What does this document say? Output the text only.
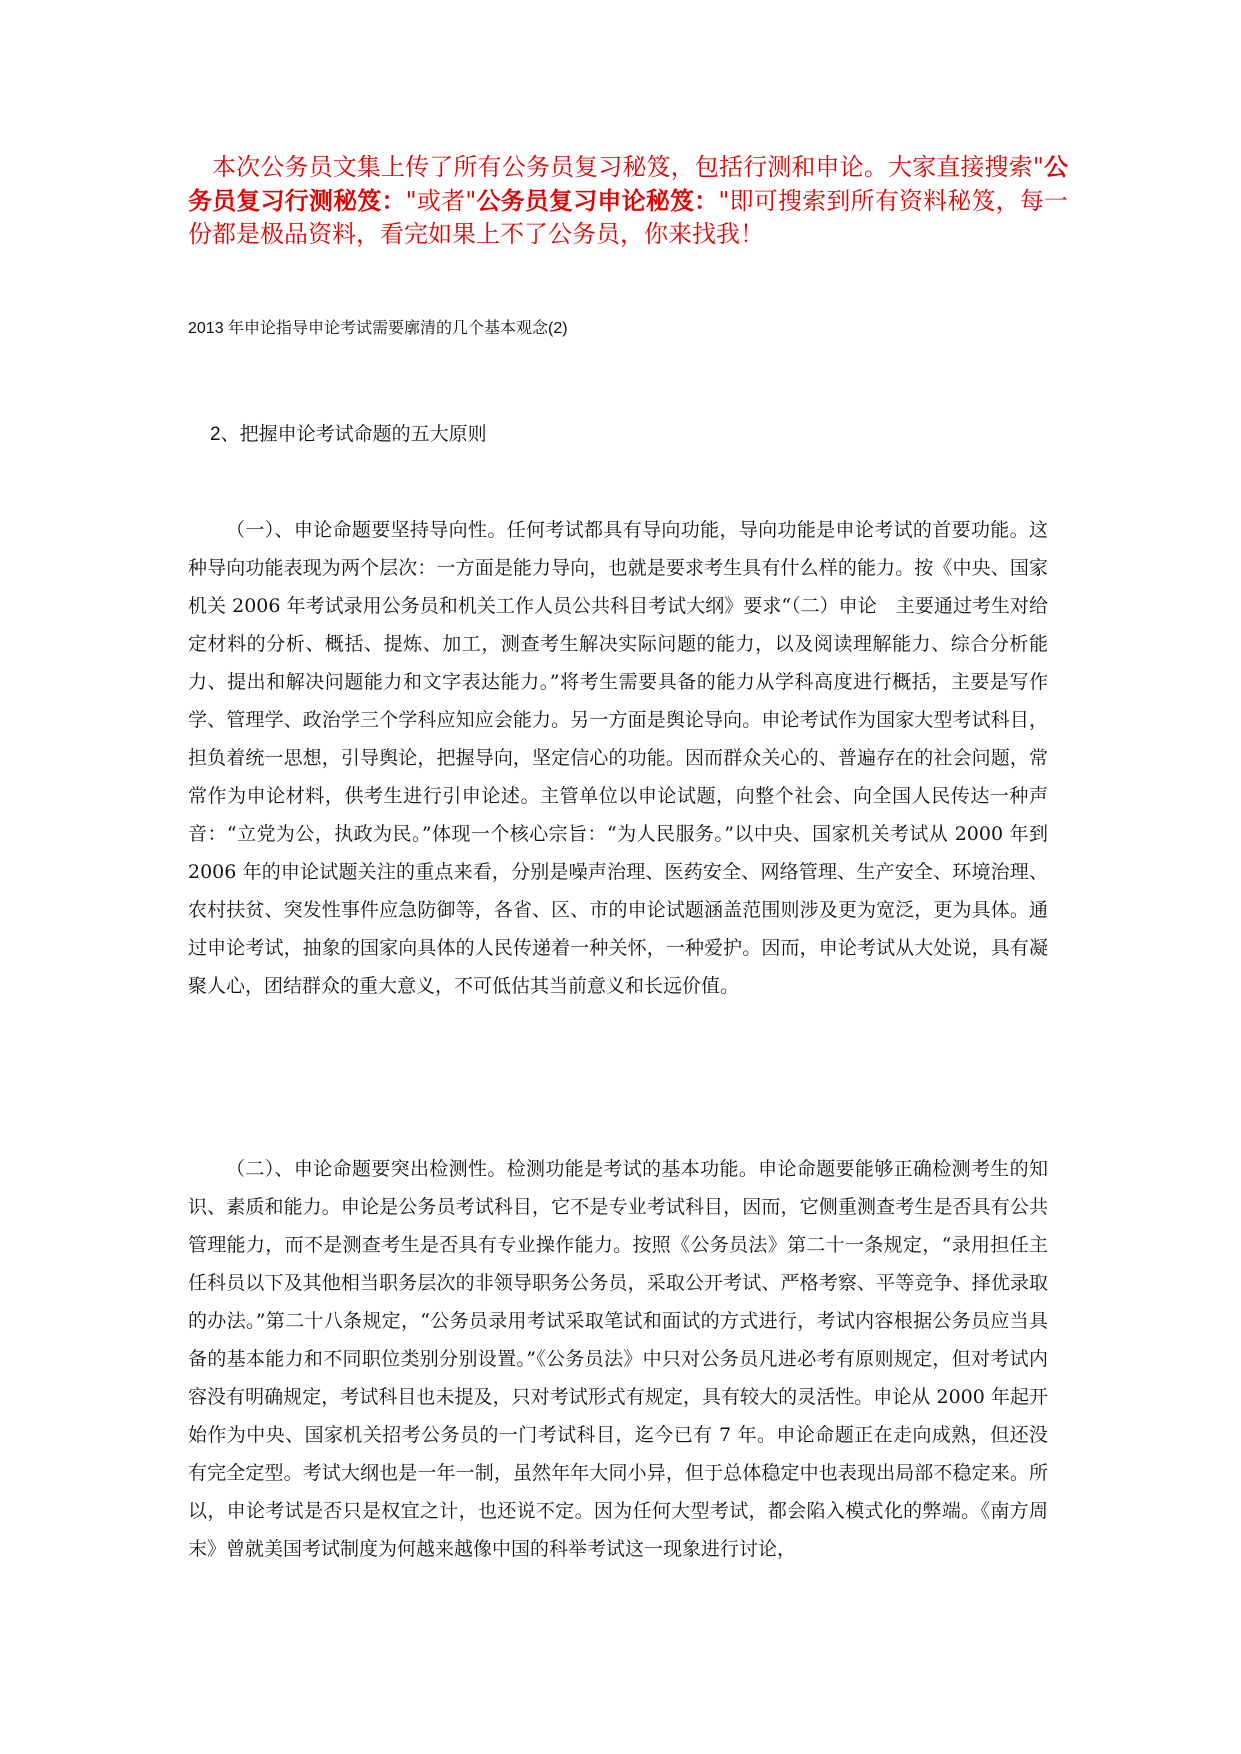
本次公务员文集上传了所有公务员复习秘笈，包括行测和申论。大家直接搜索"公务员复习行测秘笈："或者"公务员复习申论秘笈："即可搜索到所有资料秘笈，每一份都是极品资料，看完如果上不了公务员，你来找我！
2013 年申论指导申论考试需要廓清的几个基本观念(2)
2、把握申论考试命题的五大原则

（一）、申论命题要坚持导向性。任何考试都具有导向功能，导向功能是申论考试的首要功能。这种导向功能表现为两个层次：一方面是能力导向，也就是要求考生具有什么样的能力。按《中央、国家机关 2006 年考试录用公务员和机关工作人员公共科目考试大纲》要求“（二）申论　主要通过考生对给定材料的分析、概括、提炼、加工，测查考生解决实际问题的能力，以及阅读理解能力、综合分析能力、提出和解决问题能力和文字表达能力。”将考生需要具备的能力从学科高度进行概括，主要是写作学、管理学、政治学三个学科应知应会能力。另一方面是舆论导向。申论考试作为国家大型考试科目，担负着统一思想，引导舆论，把握导向，坚定信心的功能。因而群众关心的、普遍存在的社会问题，常常作为申论材料，供考生进行引申论述。主管单位以申论试题，向整个社会、向全国人民传达一种声音：“立党为公，执政为民。”体现一个核心宗旨：“为人民服务。”以中央、国家机关考试从 2000 年到 2006 年的申论试题关注的重点来看，分别是噪声治理、医药安全、网络管理、生产安全、环境治理、农村扶贫、突发性事件应急防御等，各省、区、市的申论试题涵盖范围则涉及更为宽泛，更为具体。通过申论考试，抽象的国家向具体的人民传递着一种关怀，一种爱护。因而，申论考试从大处说，具有凝聚人心，团结群众的重大意义，不可低估其当前意义和长远价值。

（二）、申论命题要突出检测性。检测功能是考试的基本功能。申论命题要能够正确检测考生的知识、素质和能力。申论是公务员考试科目，它不是专业考试科目，因而，它侧重测查考生是否具有公共管理能力，而不是测查考生是否具有专业操作能力。按照《公务员法》第二十一条规定，“录用担任主任科员以下及其他相当职务层次的非领导职务公务员，采取公开考试、严格考察、平等竞争、择优录取的办法。”第二十八条规定，“公务员录用考试采取笔试和面试的方式进行，考试内容根据公务员应当具备的基本能力和不同职位类别分别设置。”《公务员法》中只对公务员凡进必考有原则规定，但对考试内容没有明确规定，考试科目也未提及，只对考试形式有规定，具有较大的灵活性。申论从 2000 年起开始作为中央、国家机关招考公务员的一门考试科目，迄今已有 7 年。申论命题正在走向成熟，但还没有完全定型。考试大纲也是一年一制，虽然年年大同小异，但于总体稳定中也表现出局部不稳定来。所以，申论考试是否只是权宜之计，也还说不定。因为任何大型考试，都会陷入模式化的弊端。《南方周末》曾就美国考试制度为何越来越像中国的科举考试这一现象进行讨论，
